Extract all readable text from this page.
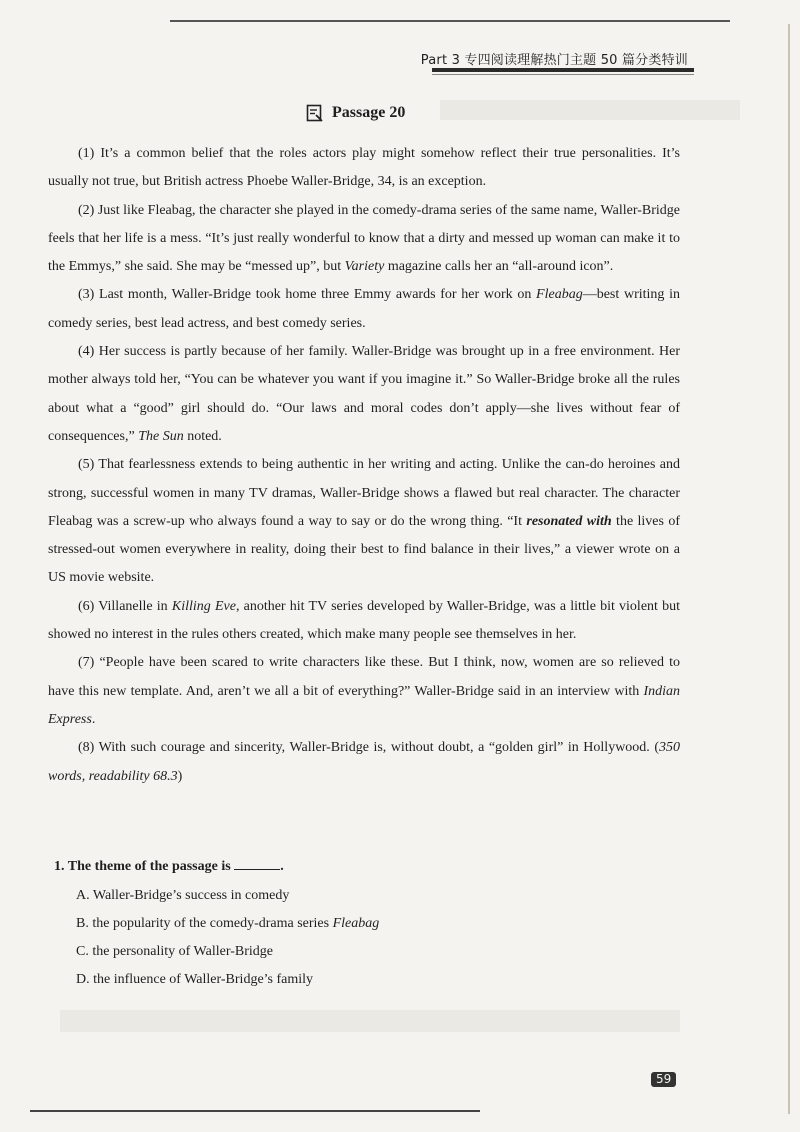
Part 3 专四阅读理解热门主题 50 篇分类特训
Passage 20

(1) It’s a common belief that the roles actors play might somehow reflect their true personalities. It’s usually not true, but British actress Phoebe Waller-Bridge, 34, is an exception.

(2) Just like Fleabag, the character she played in the comedy-drama series of the same name, Waller-Bridge feels that her life is a mess. “It’s just really wonderful to know that a dirty and messed up woman can make it to the Emmys,” she said. She may be “messed up”, but Variety magazine calls her an “all-around icon”.

(3) Last month, Waller-Bridge took home three Emmy awards for her work on Fleabag—best writing in comedy series, best lead actress, and best comedy series.

(4) Her success is partly because of her family. Waller-Bridge was brought up in a free environment. Her mother always told her, “You can be whatever you want if you imagine it.” So Waller-Bridge broke all the rules about what a “good” girl should do. “Our laws and moral codes don’t apply—she lives without fear of consequences,” The Sun noted.

(5) That fearlessness extends to being authentic in her writing and acting. Unlike the can-do heroines and strong, successful women in many TV dramas, Waller-Bridge shows a flawed but real character. The character Fleabag was a screw-up who always found a way to say or do the wrong thing. “It resonated with the lives of stressed-out women everywhere in reality, doing their best to find balance in their lives,” a viewer wrote on a US movie website.

(6) Villanelle in Killing Eve, another hit TV series developed by Waller-Bridge, was a little bit violent but showed no interest in the rules others created, which make many people see themselves in her.

(7) “People have been scared to write characters like these. But I think, now, women are so relieved to have this new template. And, aren’t we all a bit of everything?” Waller-Bridge said in an interview with Indian Express.

(8) With such courage and sincerity, Waller-Bridge is, without doubt, a “golden girl” in Hollywood. (350 words, readability 68.3)

1. The theme of the passage is	.
A. Waller-Bridge’s success in comedy
B. the popularity of the comedy-drama series Fleabag
C. the personality of Waller-Bridge
D. the influence of Waller-Bridge’s family
59
